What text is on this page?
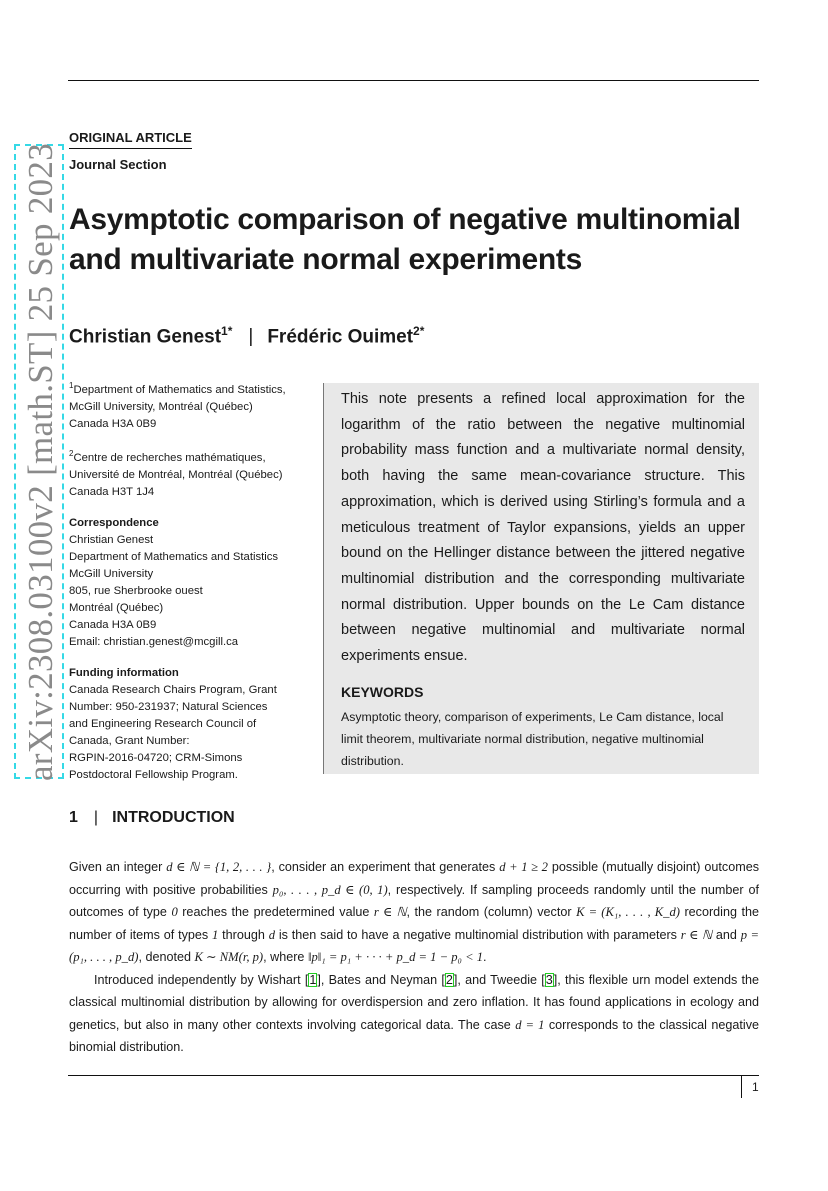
arXiv:2308.03100v2 [math.ST] 25 Sep 2023
ORIGINAL ARTICLE
Journal Section
Asymptotic comparison of negative multinomial and multivariate normal experiments
Christian Genest$^{1*}$ | Frédéric Ouimet$^{2*}$

$^1$Department of Mathematics and Statistics,

McGill University, Montréal (Québec)

Canada H3A 0B9

$^2$Centre de recherches mathématiques,

Université de Montréal, Montréal (Québec)

Canada H3T 1J4

Correspondence

Christian Genest

Department of Mathematics and Statistics

McGill University

805, rue Sherbrooke ouest

Montréal (Québec)

Canada H3A 0B9

Email: christian.genest@mcgill.ca

Funding information

Canada Research Chairs Program, Grant

Number: 950-231937; Natural Sciences

and Engineering Research Council of

Canada, Grant Number:

RGPIN-2016-04720; CRM-Simons

Postdoctoral Fellowship Program.

This note presents a refined local approximation for the logarithm of the ratio between the negative multinomial probability mass function and a multivariate normal density, both having the same mean-covariance structure. This approximation, which is derived using Stirling’s formula and a meticulous treatment of Taylor expansions, yields an upper bound on the Hellinger distance between the jittered negative multinomial distribution and the corresponding multivariate normal distribution. Upper bounds on the Le Cam distance between negative multinomial and multivariate normal experiments ensue.
KEYWORDS
Asymptotic theory, comparison of experiments, Le Cam distance, local limit theorem, multivariate normal distribution, negative multinomial distribution.
1 | INTRODUCTION

Given an integer d ∈ ℕ = {1, 2, . . . }, consider an experiment that generates d + 1 ≥ 2 possible (mutually disjoint) outcomes occurring with positive probabilities p₀, . . . , p_d ∈ (0, 1), respectively. If sampling proceeds randomly until the number of outcomes of type 0 reaches the predetermined value r ∈ ℕ, the random (column) vector K = (K₁, . . . , K_d) recording the number of items of types 1 through d is then said to have a negative multinomial distribution with parameters r ∈ ℕ and p = (p₁, . . . , p_d), denoted K ∼ NM(r, p), where ‖p‖₁ = p₁ + · · · + p_d = 1 − p₀ < 1.

Introduced independently by Wishart [1], Bates and Neyman [2], and Tweedie [3], this flexible urn model extends the classical multinomial distribution by allowing for overdispersion and zero inflation. It has found applications in ecology and genetics, but also in many other contexts involving categorical data. The case d = 1 corresponds to the classical negative binomial distribution.

1
